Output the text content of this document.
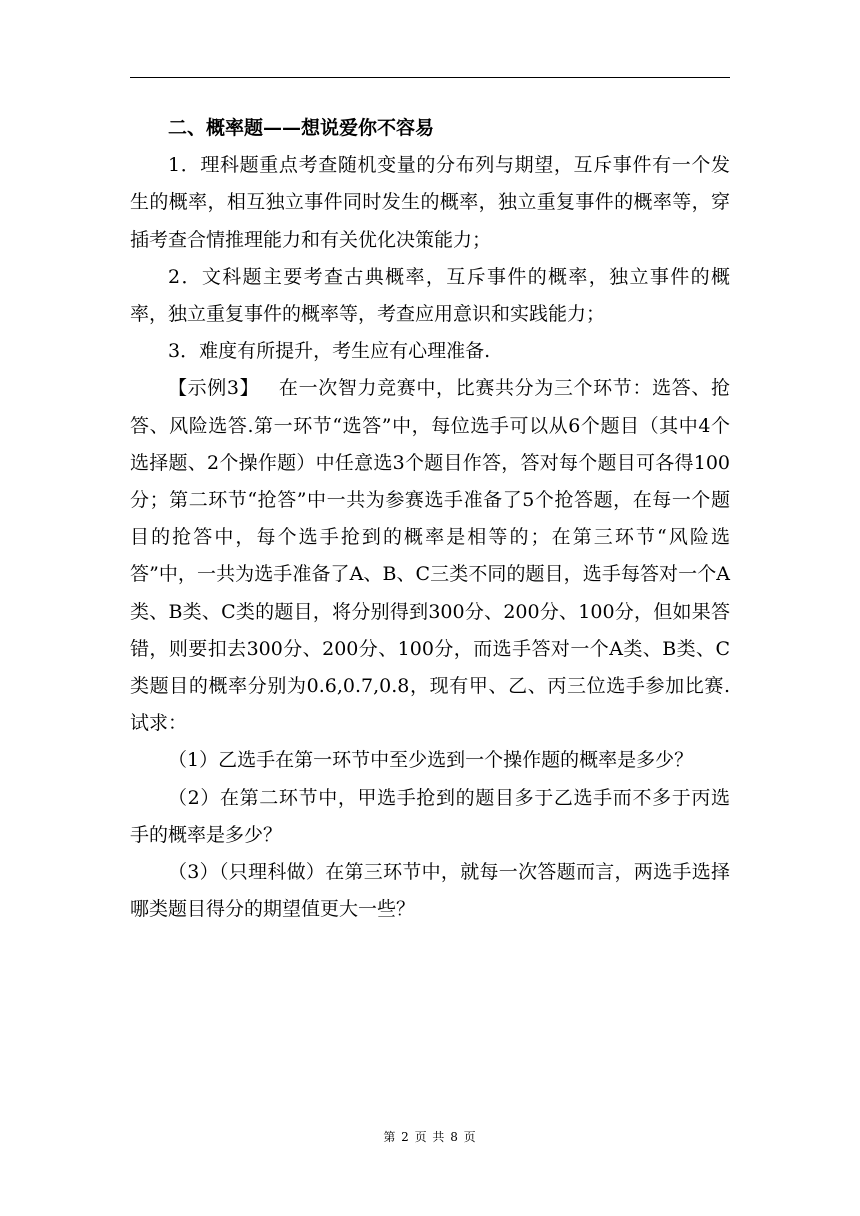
二、概率题——想说爱你不容易

1．理科题重点考查随机变量的分布列与期望，互斥事件有一个发生的概率，相互独立事件同时发生的概率，独立重复事件的概率等，穿插考查合情推理能力和有关优化决策能力；

2．文科题主要考查古典概率，互斥事件的概率，独立事件的概率，独立重复事件的概率等，考查应用意识和实践能力；

3．难度有所提升，考生应有心理准备.

【示例3】  在一次智力竞赛中，比赛共分为三个环节：选答、抢答、风险选答.第一环节“选答”中，每位选手可以从6个题目（其中4个选择题、2个操作题）中任意选3个题目作答，答对每个题目可各得100分；第二环节“抢答”中一共为参赛选手准备了5个抢答题，在每一个题目的抢答中，每个选手抢到的概率是相等的；在第三环节“风险选答”中，一共为选手准备了A、B、C三类不同的题目，选手每答对一个A类、B类、C类的题目，将分别得到300分、200分、100分，但如果答错，则要扣去300分、200分、100分，而选手答对一个A类、B类、C类题目的概率分别为0.6,0.7,0.8，现有甲、乙、丙三位选手参加比赛.试求：

（1）乙选手在第一环节中至少选到一个操作题的概率是多少？

（2）在第二环节中，甲选手抢到的题目多于乙选手而不多于丙选手的概率是多少？

（3）（只理科做）在第三环节中，就每一次答题而言，两选手选择哪类题目得分的期望值更大一些？

第 2 页 共 8 页
